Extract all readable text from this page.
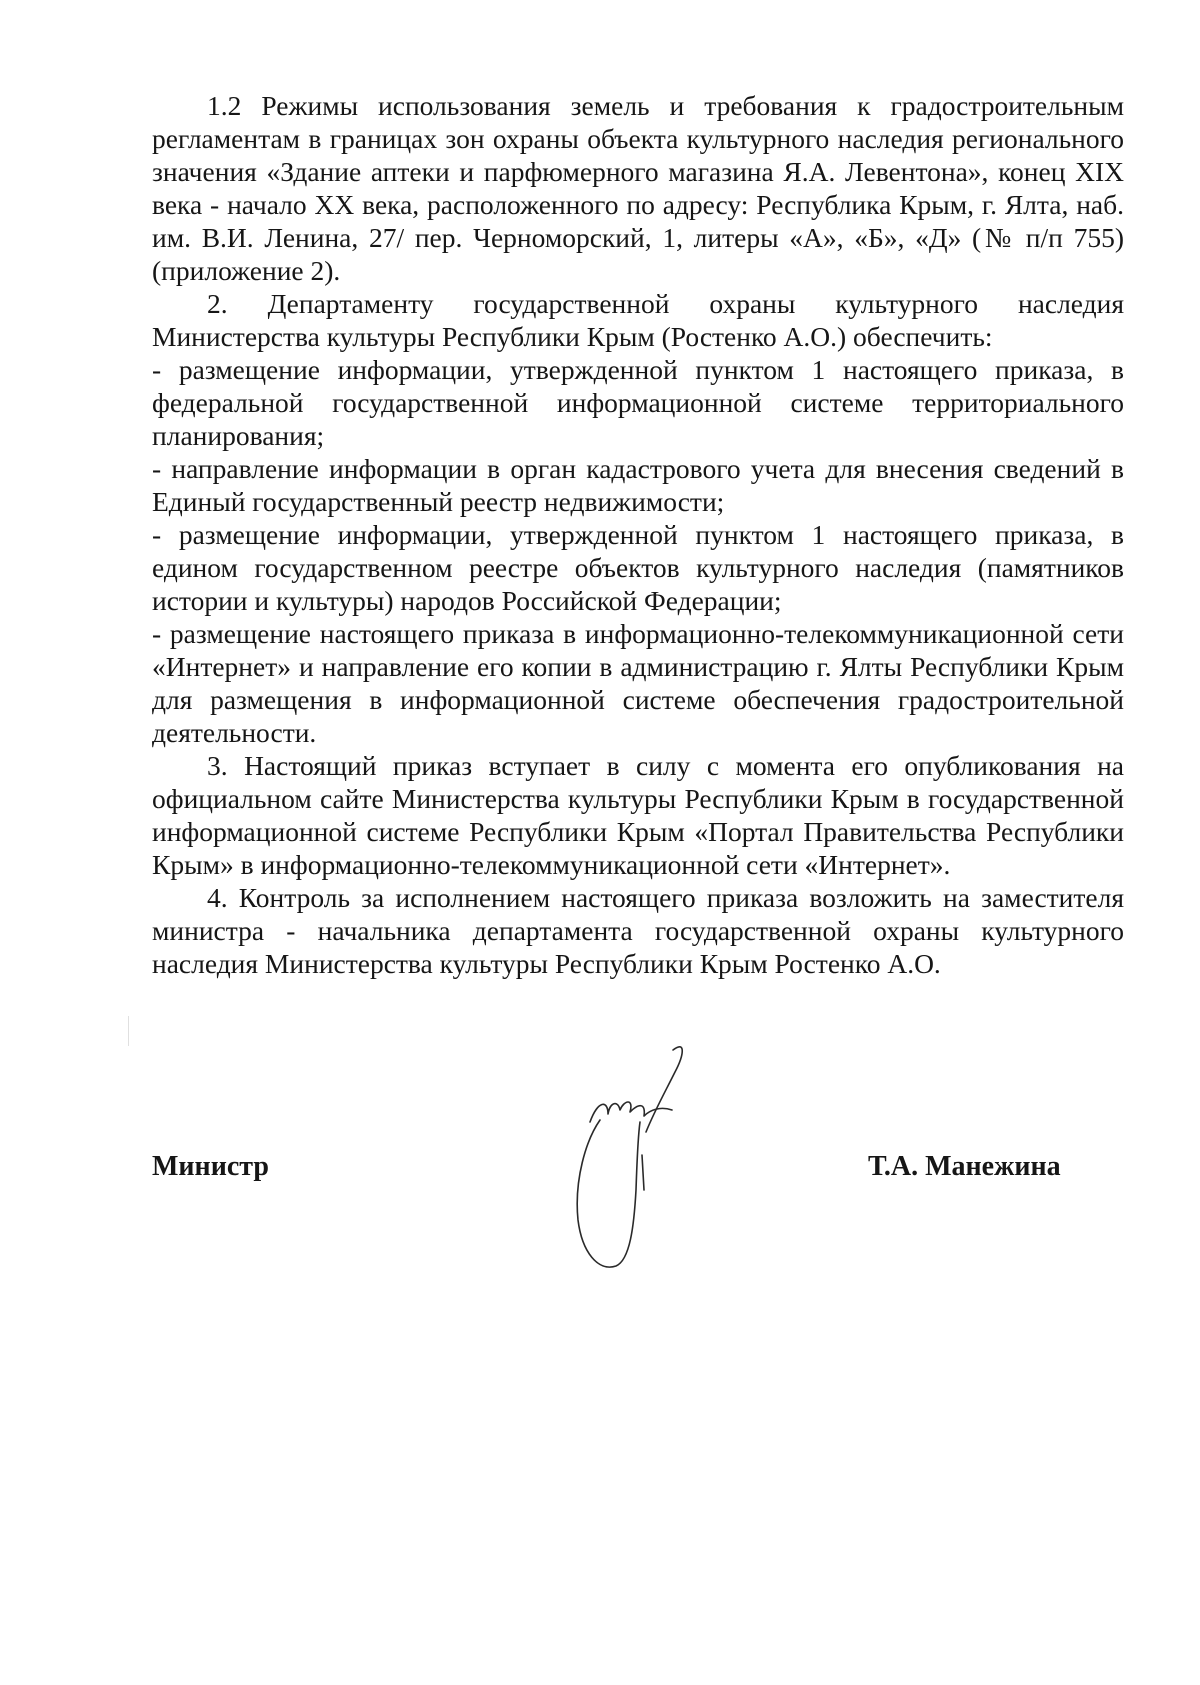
1.2 Режимы использования земель и требования к градостроительным регламентам в границах зон охраны объекта культурного наследия регионального значения «Здание аптеки и парфюмерного магазина Я.А. Левентона», конец XIX века - начало XX века, расположенного по адресу: Республика Крым, г. Ялта, наб. им. В.И. Ленина, 27/ пер. Черноморский, 1, литеры «А», «Б», «Д» (№ п/п 755) (приложение 2).

2. Департаменту государственной охраны культурного наследия Министерства культуры Республики Крым (Ростенко А.О.) обеспечить:

- размещение информации, утвержденной пунктом 1 настоящего приказа, в федеральной государственной информационной системе территориального планирования;

- направление информации в орган кадастрового учета для внесения сведений в Единый государственный реестр недвижимости;

- размещение информации, утвержденной пунктом 1 настоящего приказа, в едином государственном реестре объектов культурного наследия (памятников истории и культуры) народов Российской Федерации;

- размещение настоящего приказа в информационно-телекоммуникационной сети «Интернет» и направление его копии в администрацию г. Ялты Республики Крым для размещения в информационной системе обеспечения градостроительной деятельности.

3. Настоящий приказ вступает в силу с момента его опубликования на официальном сайте Министерства культуры Республики Крым в государственной информационной системе Республики Крым «Портал Правительства Республики Крым» в информационно-телекоммуникационной сети «Интернет».

4. Контроль за исполнением настоящего приказа возложить на заместителя министра - начальника департамента государственной охраны культурного наследия Министерства культуры Республики Крым Ростенко А.О.

Министр	Т.А. Манежина
